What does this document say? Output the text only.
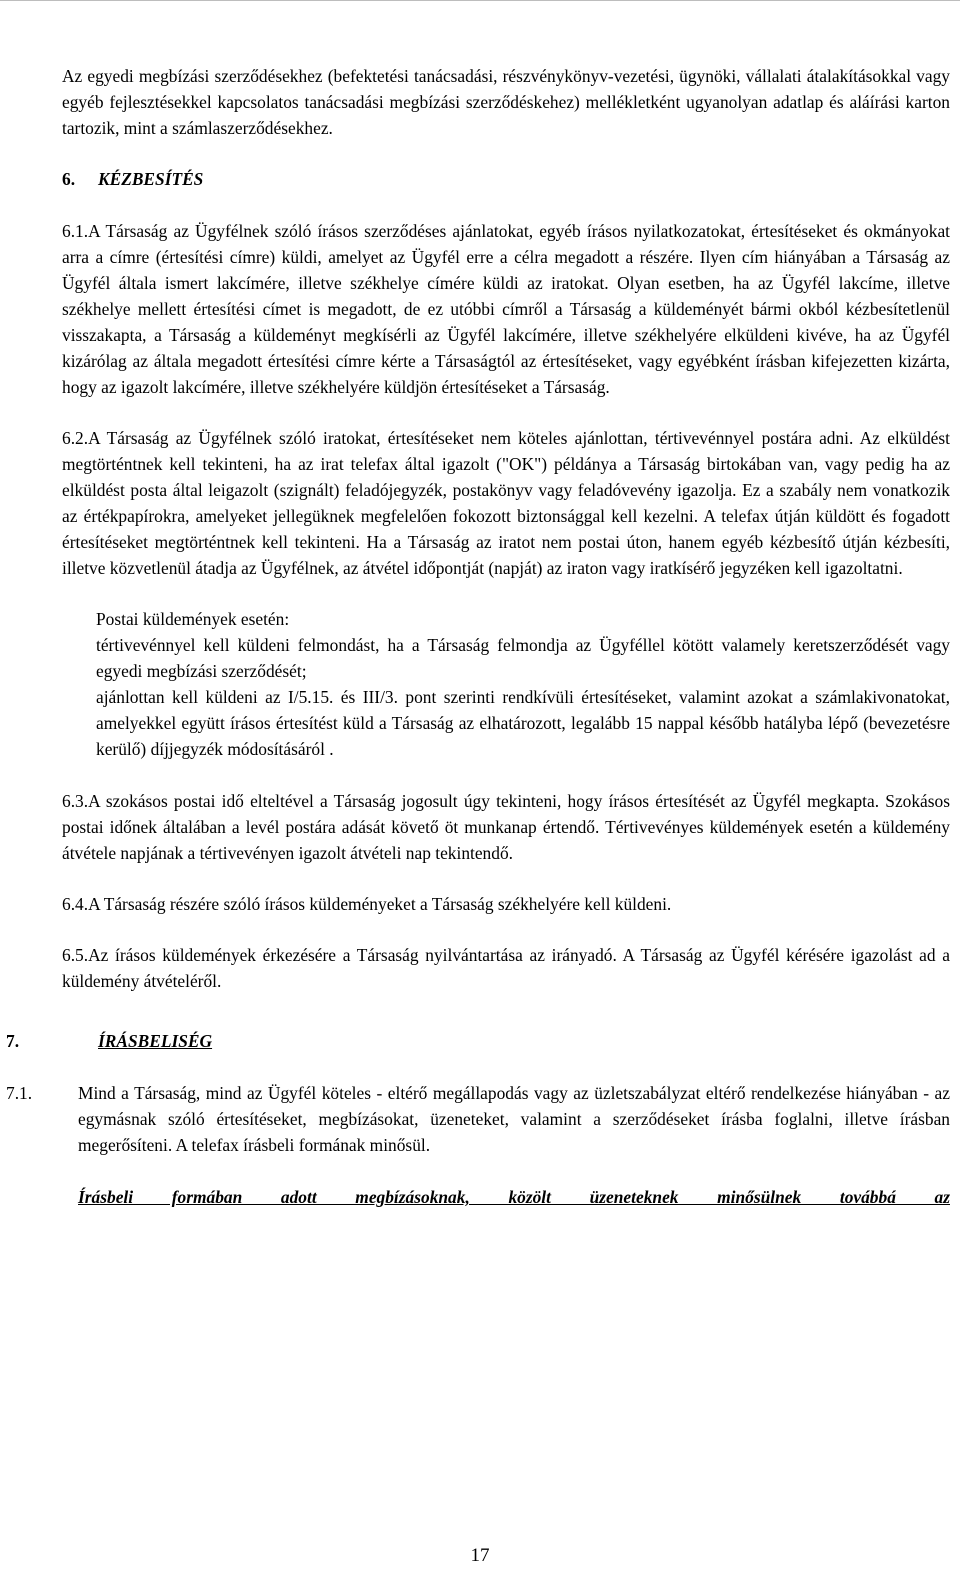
Az egyedi megbízási szerződésekhez (befektetési tanácsadási, részvénykönyv-vezetési, ügynöki, vállalati átalakításokkal vagy egyéb fejlesztésekkel kapcsolatos tanácsadási megbízási szerződéskehez) mellékletként ugyanolyan adatlap és aláírási karton tartozik, mint a számlaszerződésekhez.

6. KÉZBESÍTÉS

6.1.A Társaság az Ügyfélnek szóló írásos szerződéses ajánlatokat, egyéb írásos nyilatkozatokat, értesítéseket és okmányokat arra a címre (értesítési címre) küldi, amelyet az Ügyfél erre a célra megadott a részére. Ilyen cím hiányában a Társaság az Ügyfél általa ismert lakcímére, illetve székhelye címére küldi az iratokat. Olyan esetben, ha az Ügyfél lakcíme, illetve székhelye mellett értesítési címet is megadott, de ez utóbbi címről a Társaság a küldeményét bármi okból kézbesítetlenül visszakapta, a Társaság a küldeményt megkísérli az Ügyfél lakcímére, illetve székhelyére elküldeni kivéve, ha az Ügyfél kizárólag az általa megadott értesítési címre kérte a Társaságtól az értesítéseket, vagy egyébként írásban kifejezetten kizárta, hogy az igazolt lakcímére, illetve székhelyére küldjön értesítéseket a Társaság.

6.2.A Társaság az Ügyfélnek szóló iratokat, értesítéseket nem köteles ajánlottan, tértivevénnyel postára adni. Az elküldést megtörténtnek kell tekinteni, ha az irat telefax által igazolt ("OK") példánya a Társaság birtokában van, vagy pedig ha az elküldést posta által leigazolt (szignált) feladójegyzék, postakönyv vagy feladóvevény igazolja. Ez a szabály nem vonatkozik az értékpapírokra, amelyeket jellegüknek megfelelően fokozott biztonsággal kell kezelni. A telefax útján küldött és fogadott értesítéseket megtörténtnek kell tekinteni. Ha a Társaság az iratot nem postai úton, hanem egyéb kézbesítő útján kézbesíti, illetve közvetlenül átadja az Ügyfélnek, az átvétel időpontját (napját) az iraton vagy iratkísérő jegyzéken kell igazoltatni.

Postai küldemények esetén:

tértivevénnyel kell küldeni felmondást, ha a Társaság felmondja az Ügyféllel kötött valamely keretszerződését vagy egyedi megbízási szerződését;

ajánlottan kell küldeni az I/5.15. és III/3. pont szerinti rendkívüli értesítéseket, valamint azokat a számlakivonatokat, amelyekkel együtt írásos értesítést küld a Társaság az elhatározott, legalább 15 nappal később hatályba lépő (bevezetésre kerülő) díjjegyzék módosításáról .

6.3.A szokásos postai idő elteltével a Társaság jogosult úgy tekinteni, hogy írásos értesítését az Ügyfél megkapta. Szokásos postai időnek általában a levél postára adását követő öt munkanap értendő. Tértivevényes küldemények esetén a küldemény átvétele napjának a tértivevényen igazolt átvételi nap tekintendő.

6.4.A Társaság részére szóló írásos küldeményeket a Társaság székhelyére kell küldeni.

6.5.Az írásos küldemények érkezésére a Társaság nyilvántartása az irányadó. A Társaság az Ügyfél kérésére igazolást ad a küldemény átvételéről.

7.	ÍRÁSBELISÉG
7.1.	Mind a Társaság, mind az Ügyfél köteles - eltérő megállapodás vagy az üzletszabályzat eltérő rendelkezése hiányában - az egymásnak szóló értesítéseket, megbízásokat, üzeneteket, valamint a szerződéseket írásba foglalni, illetve írásban megerősíteni. A telefax írásbeli formának minősül.

Írásbeli formában adott megbízásoknak, közölt üzeneteknek minősülnek továbbá az

17
